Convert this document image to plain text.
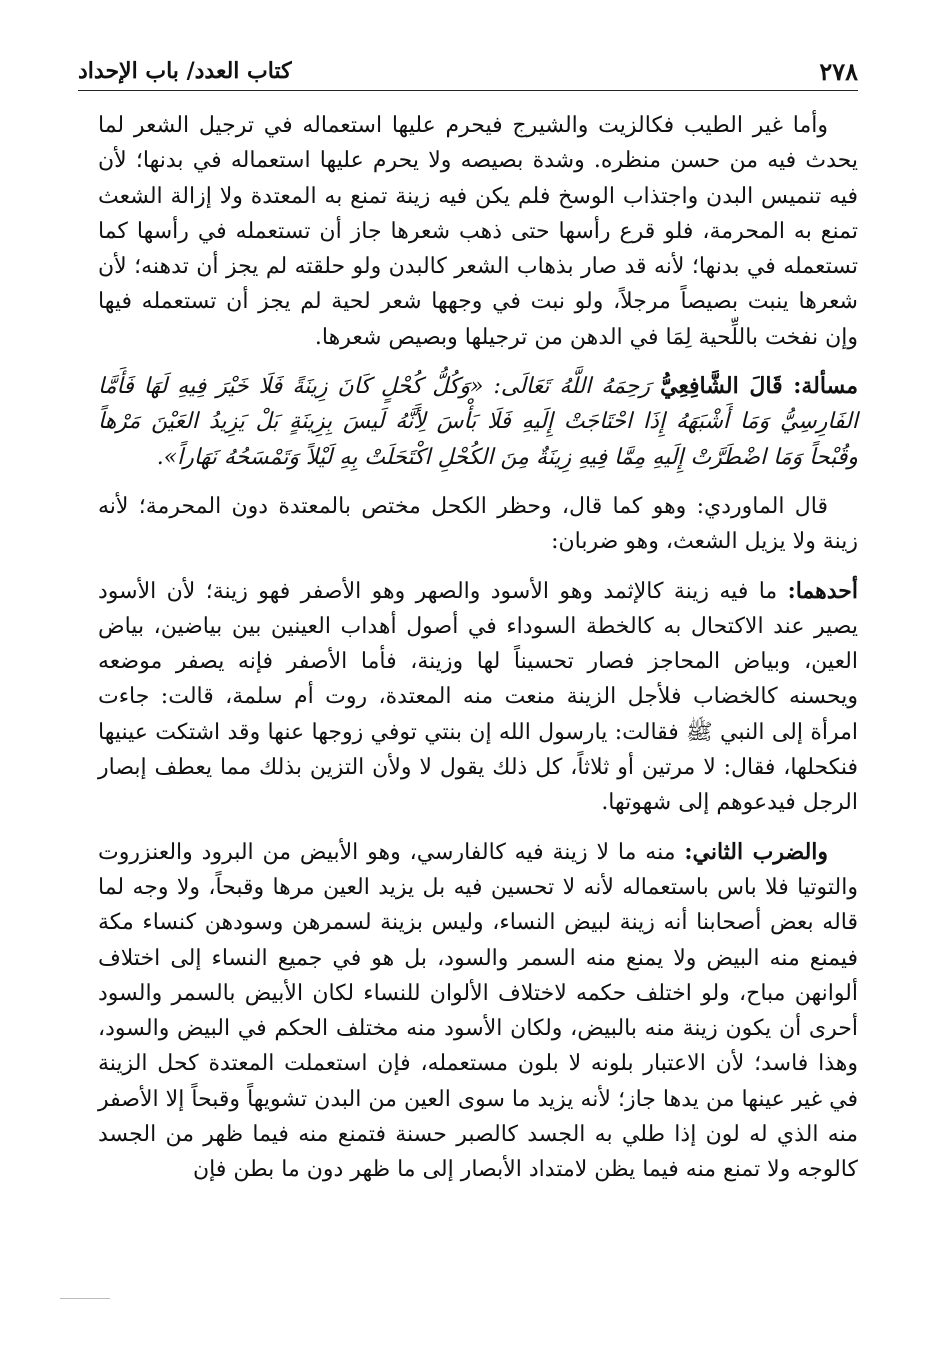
٢٧٨
كتاب العدد/ باب الإحداد

وأما غير الطيب فكالزيت والشيرج فيحرم عليها استعماله في ترجيل الشعر لما يحدث فيه من حسن منظره. وشدة بصيصه ولا يحرم عليها استعماله في بدنها؛ لأن فيه تنميس البدن واجتذاب الوسخ فلم يكن فيه زينة تمنع به المعتدة ولا إزالة الشعث تمنع به المحرمة، فلو قرع رأسها حتى ذهب شعرها جاز أن تستعمله في رأسها كما تستعمله في بدنها؛ لأنه قد صار بذهاب الشعر كالبدن ولو حلقته لم يجز أن تدهنه؛ لأن شعرها ينبت بصيصاً مرجلاً، ولو نبت في وجهها شعر لحية لم يجز أن تستعمله فيها وإن نفخت باللِّحية لِمَا في الدهن من ترجيلها وبصيص شعرها.

مسألة: قَالَ الشَّافِعِيُّ رَحِمَهُ اللَّهُ تَعَالَى: «وَكُلُّ كُحْلٍ كَانَ زِينَةً فَلَا خَيْرَ فِيهِ لَهَا فَأَمَّا الفَارِسِيُّ وَمَا أَشْبَهَهُ إِذَا احْتَاجَتْ إِلَيهِ فَلَا بَأْسَ لِأَنَّهُ لَيسَ بِزِينَةٍ بَلْ يَزِيدُ العَيْنَ مَرْهاً وقُبْحاً وَمَا اضْطَرَّتْ إِلَيهِ مِمَّا فِيهِ زِينَةٌ مِنَ الكُحْلِ اكْتَحَلَتْ بِهِ لَيْلاً وَتَمْسَحُهُ نَهَاراً».

قال الماوردي: وهو كما قال، وحظر الكحل مختص بالمعتدة دون المحرمة؛ لأنه زينة ولا يزيل الشعث، وهو ضربان:

أحدهما: ما فيه زينة كالإثمد وهو الأسود والصهر وهو الأصفر فهو زينة؛ لأن الأسود يصير عند الاكتحال به كالخطة السوداء في أصول أهداب العينين بين بياضين، بياض العين، وبياض المحاجز فصار تحسيناً لها وزينة، فأما الأصفر فإنه يصفر موضعه ويحسنه كالخضاب فلأجل الزينة منعت منه المعتدة، روت أم سلمة، قالت: جاءت امرأة إلى النبي ﷺ فقالت: يارسول الله إن بنتي توفي زوجها عنها وقد اشتكت عينيها فنكحلها، فقال: لا مرتين أو ثلاثاً، كل ذلك يقول لا ولأن التزين بذلك مما يعطف إبصار الرجل فيدعوهم إلى شهوتها.

والضرب الثاني: منه ما لا زينة فيه كالفارسي، وهو الأبيض من البرود والعنزروت والتوتيا فلا باس باستعماله لأنه لا تحسين فيه بل يزيد العين مرها وقبحاً، ولا وجه لما قاله بعض أصحابنا أنه زينة لبيض النساء، وليس بزينة لسمرهن وسودهن كنساء مكة فيمنع منه البيض ولا يمنع منه السمر والسود، بل هو في جميع النساء إلى اختلاف ألوانهن مباح، ولو اختلف حكمه لاختلاف الألوان للنساء لكان الأبيض بالسمر والسود أحرى أن يكون زينة منه بالبيض، ولكان الأسود منه مختلف الحكم في البيض والسود، وهذا فاسد؛ لأن الاعتبار بلونه لا بلون مستعمله، فإن استعملت المعتدة كحل الزينة في غير عينها من يدها جاز؛ لأنه يزيد ما سوى العين من البدن تشويهاً وقبحاً إلا الأصفر منه الذي له لون إذا طلي به الجسد كالصبر حسنة فتمنع منه فيما ظهر من الجسد كالوجه ولا تمنع منه فيما يظن لامتداد الأبصار إلى ما ظهر دون ما بطن فإن
